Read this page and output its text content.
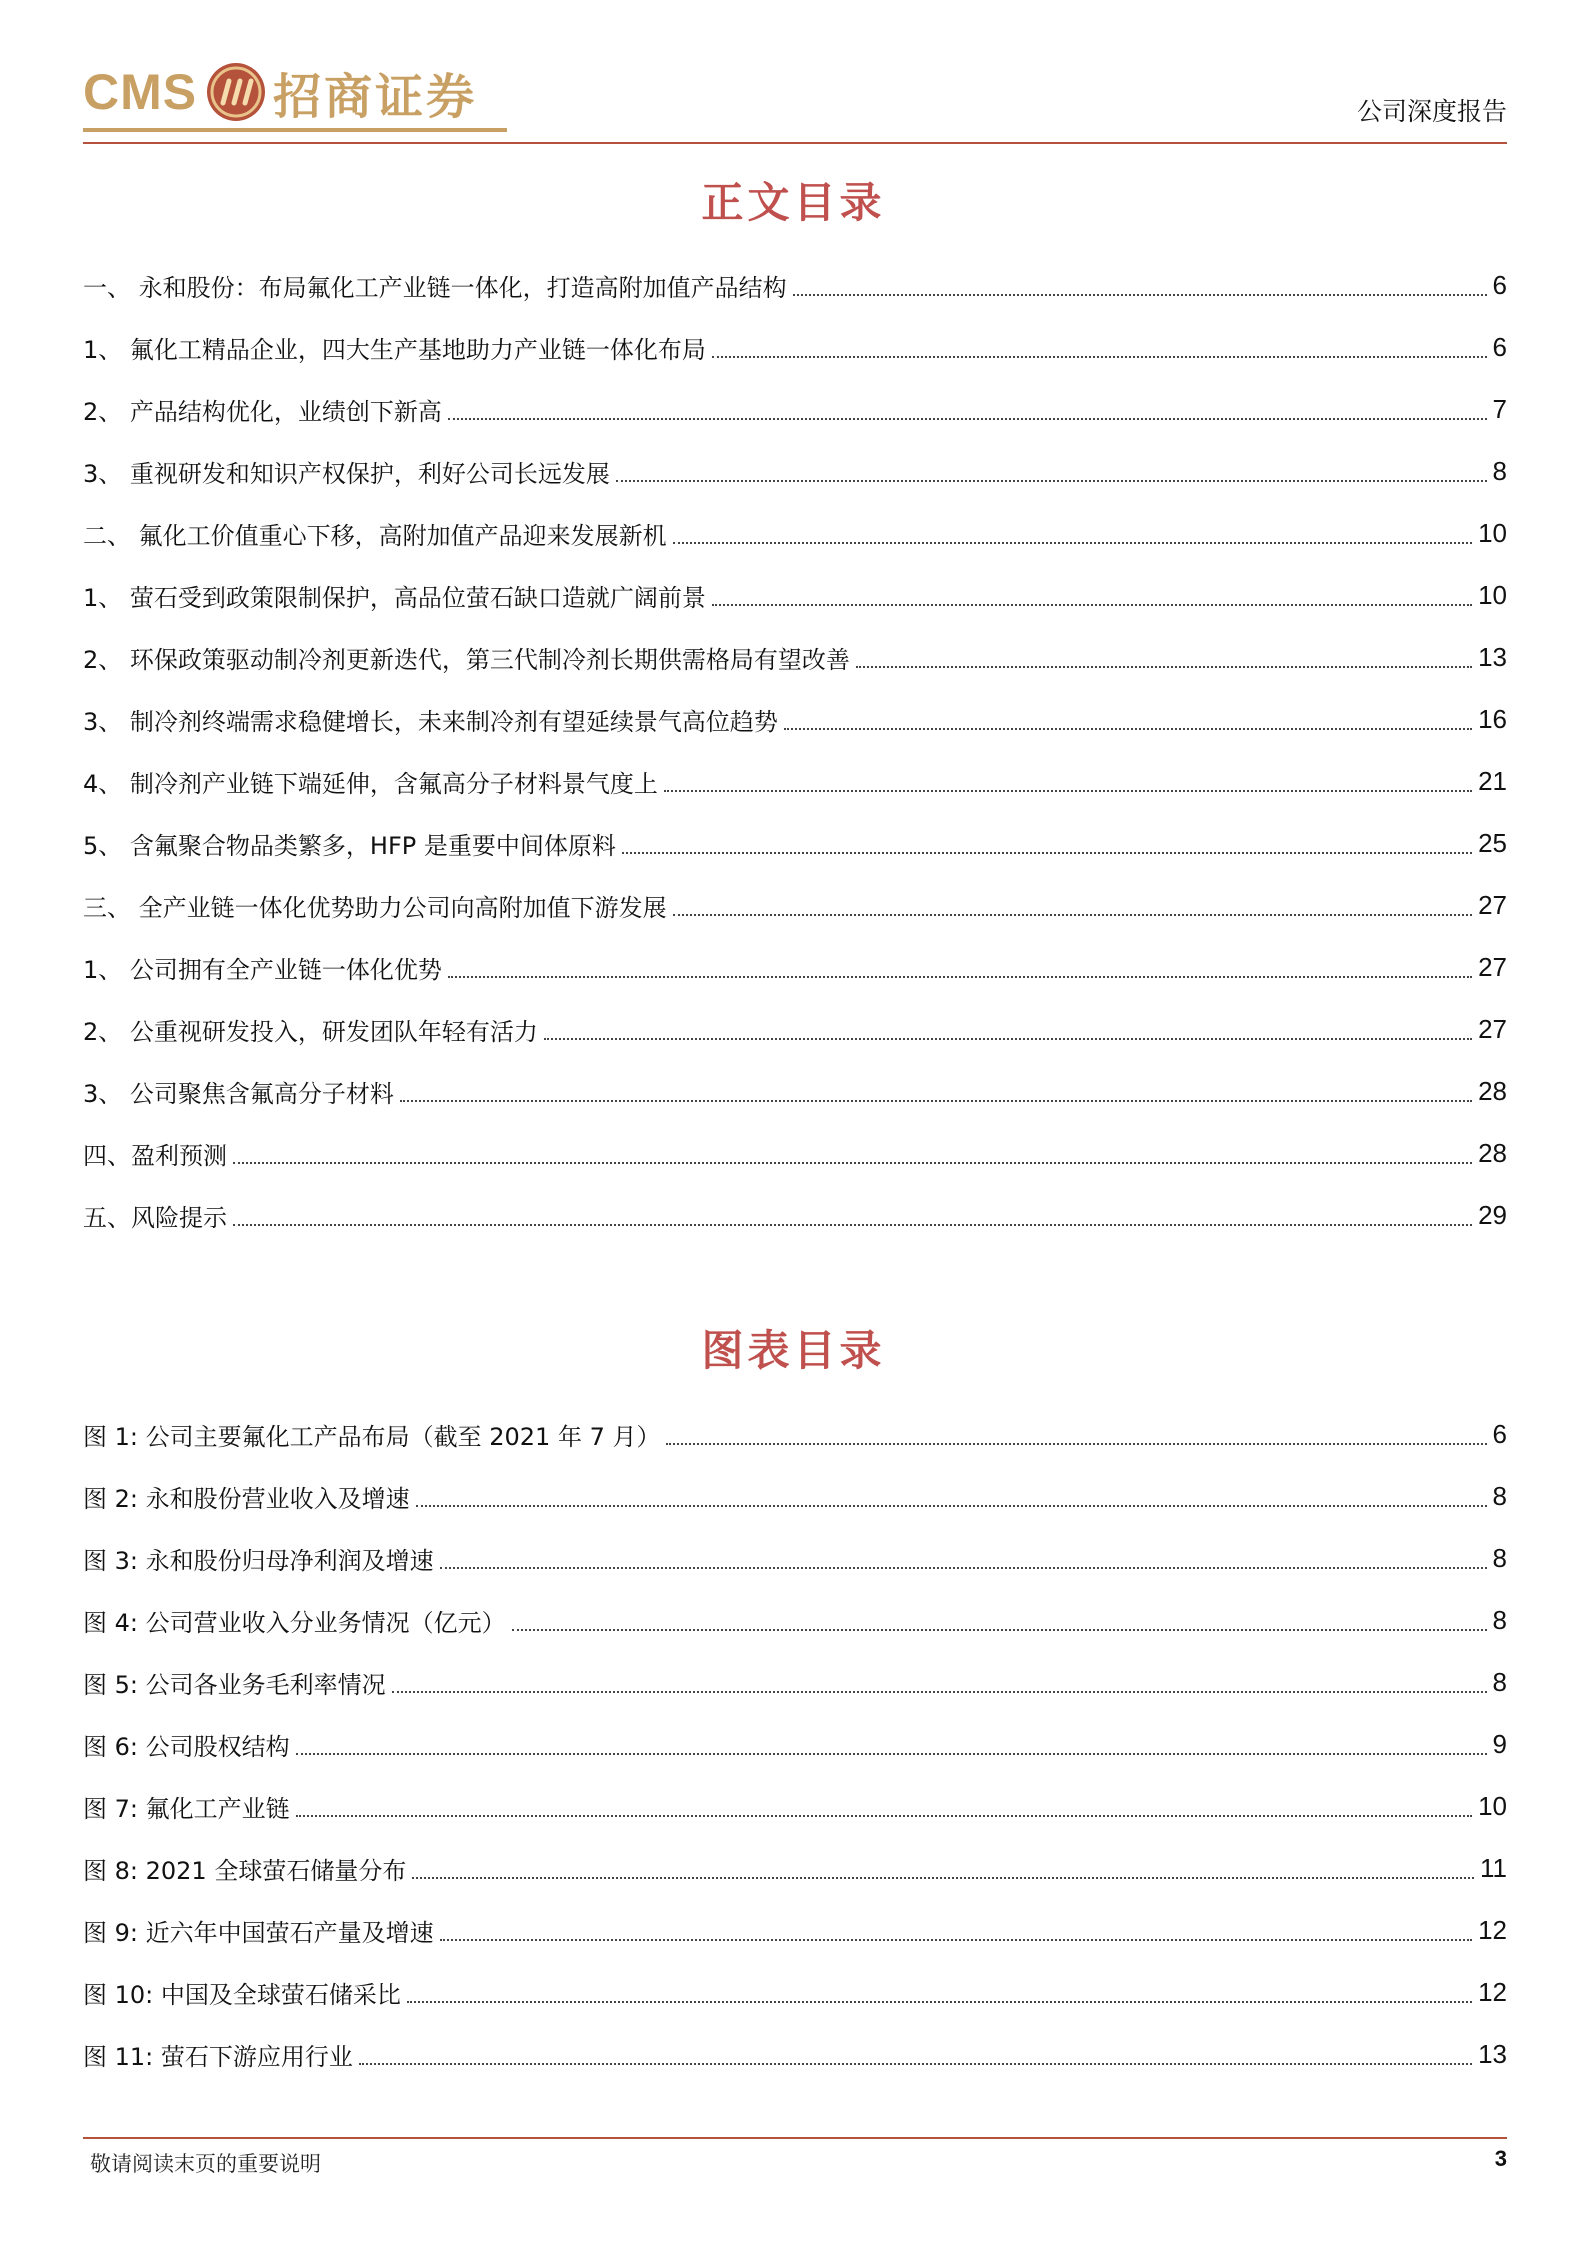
CMS 招商证券	公司深度报告
正文目录
一、 永和股份：布局氟化工产业链一体化，打造高附加值产品结构	6
1、 氟化工精品企业，四大生产基地助力产业链一体化布局	6
2、 产品结构优化，业绩创下新高	7
3、 重视研发和知识产权保护，利好公司长远发展	8
二、 氟化工价值重心下移，高附加值产品迎来发展新机	10
1、 萤石受到政策限制保护，高品位萤石缺口造就广阔前景	10
2、 环保政策驱动制冷剂更新迭代，第三代制冷剂长期供需格局有望改善	13
3、 制冷剂终端需求稳健增长，未来制冷剂有望延续景气高位趋势	16
4、 制冷剂产业链下端延伸，含氟高分子材料景气度上	21
5、 含氟聚合物品类繁多，HFP 是重要中间体原料	25
三、 全产业链一体化优势助力公司向高附加值下游发展	27
1、 公司拥有全产业链一体化优势	27
2、 公重视研发投入，研发团队年轻有活力	27
3、 公司聚焦含氟高分子材料	28
四、盈利预测	28
五、风险提示	29
图表目录
图 1: 公司主要氟化工产品布局（截至 2021 年 7 月）	6
图 2: 永和股份营业收入及增速	8
图 3: 永和股份归母净利润及增速	8
图 4: 公司营业收入分业务情况（亿元）	8
图 5: 公司各业务毛利率情况	8
图 6: 公司股权结构	9
图 7: 氟化工产业链	10
图 8: 2021 全球萤石储量分布	11
图 9: 近六年中国萤石产量及增速	12
图 10: 中国及全球萤石储采比	12
图 11: 萤石下游应用行业	13
敬请阅读末页的重要说明	3
